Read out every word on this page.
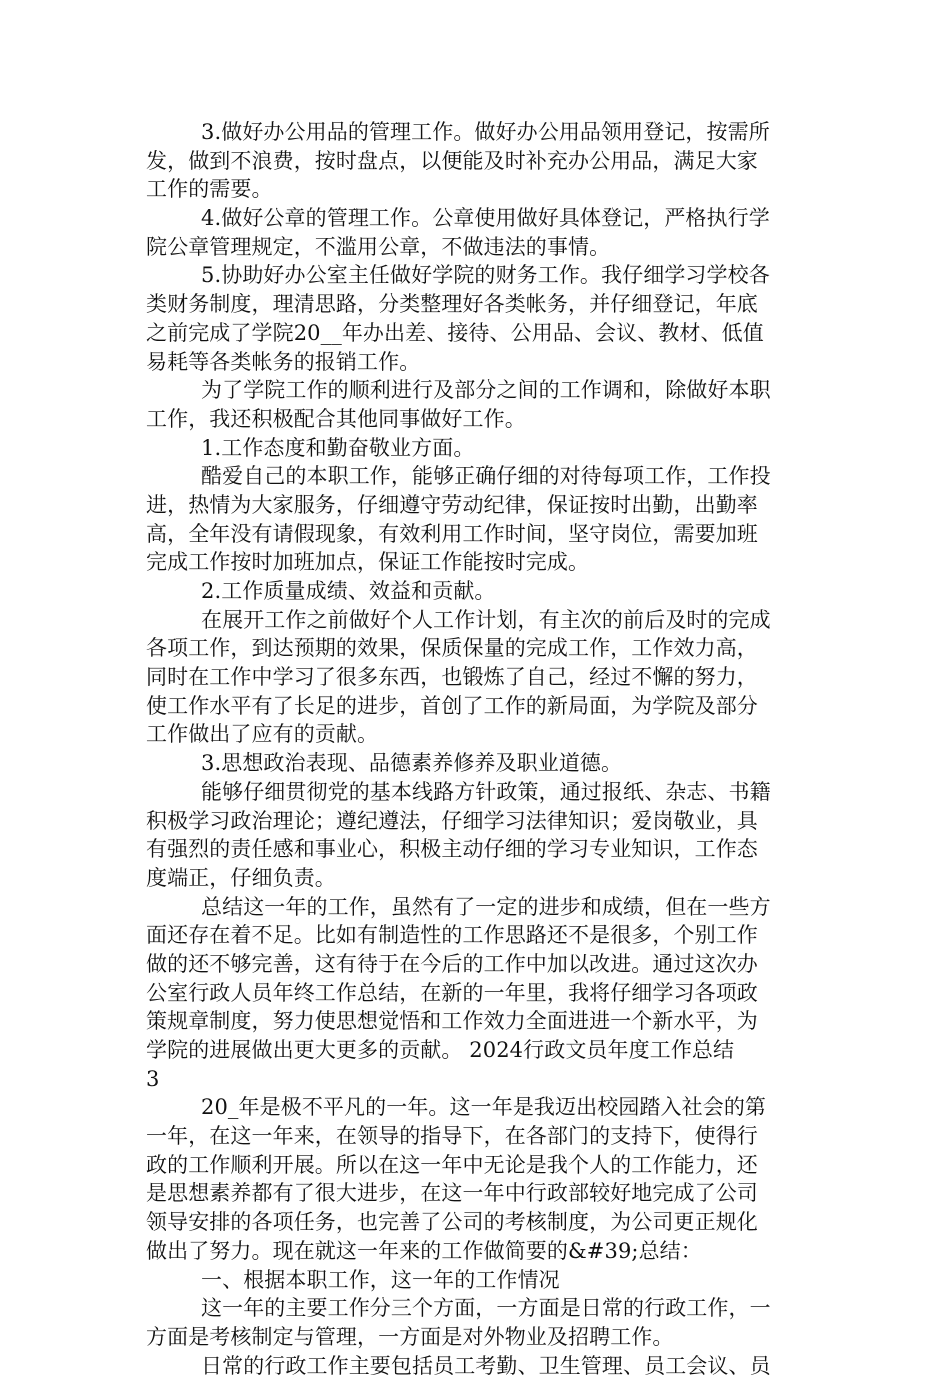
3.做好办公用品的管理工作。做好办公用品领用登记，按需所
发，做到不浪费，按时盘点，以便能及时补充办公用品，满足大家
工作的需要。
4.做好公章的管理工作。公章使用做好具体登记，严格执行学
院公章管理规定，不滥用公章，不做违法的事情。
5.协助好办公室主任做好学院的财务工作。我仔细学习学校各
类财务制度，理清思路，分类整理好各类帐务，并仔细登记，年底
之前完成了学院20__年办出差、接待、公用品、会议、教材、低值
易耗等各类帐务的报销工作。
为了学院工作的顺利进行及部分之间的工作调和，除做好本职
工作，我还积极配合其他同事做好工作。
1.工作态度和勤奋敬业方面。
酷爱自己的本职工作，能够正确仔细的对待每项工作，工作投
进，热情为大家服务，仔细遵守劳动纪律，保证按时出勤，出勤率
高，全年没有请假现象，有效利用工作时间，坚守岗位，需要加班
完成工作按时加班加点，保证工作能按时完成。
2.工作质量成绩、效益和贡献。
在展开工作之前做好个人工作计划，有主次的前后及时的完成
各项工作，到达预期的效果，保质保量的完成工作，工作效力高，
同时在工作中学习了很多东西，也锻炼了自己，经过不懈的努力，
使工作水平有了长足的进步，首创了工作的新局面，为学院及部分
工作做出了应有的贡献。
3.思想政治表现、品德素养修养及职业道德。
能够仔细贯彻党的基本线路方针政策，通过报纸、杂志、书籍
积极学习政治理论；遵纪遵法，仔细学习法律知识；爱岗敬业，具
有强烈的责任感和事业心，积极主动仔细的学习专业知识，工作态
度端正，仔细负责。
总结这一年的工作，虽然有了一定的进步和成绩，但在一些方
面还存在着不足。比如有制造性的工作思路还不是很多，个别工作
做的还不够完善，这有待于在今后的工作中加以改进。通过这次办
公室行政人员年终工作总结，在新的一年里，我将仔细学习各项政
策规章制度，努力使思想觉悟和工作效力全面进进一个新水平，为
学院的进展做出更大更多的贡献。 2024行政文员年度工作总结
3
20_年是极不平凡的一年。这一年是我迈出校园踏入社会的第
一年，在这一年来，在领导的指导下，在各部门的支持下，使得行
政的工作顺利开展。所以在这一年中无论是我个人的工作能力，还
是思想素养都有了很大进步，在这一年中行政部较好地完成了公司
领导安排的各项任务，也完善了公司的考核制度，为公司更正规化
做出了努力。现在就这一年来的工作做简要的&#39;总结：
一、根据本职工作，这一年的工作情况
这一年的主要工作分三个方面，一方面是日常的行政工作，一
方面是考核制定与管理，一方面是对外物业及招聘工作。
日常的行政工作主要包括员工考勤、卫生管理、员工会议、员
